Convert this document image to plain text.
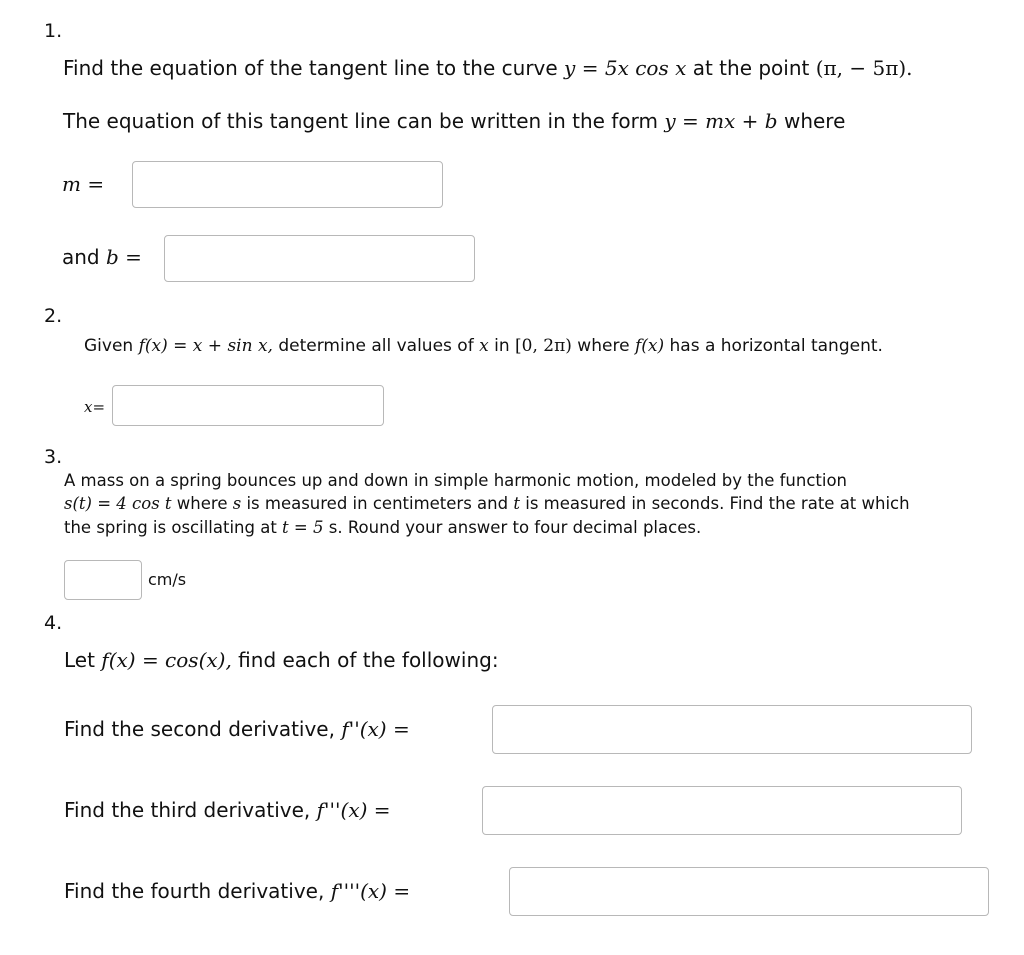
1.
Find the equation of the tangent line to the curve y = 5x cos x at the point (π, − 5π).
The equation of this tangent line can be written in the form y = mx + b where
m =
and b =
2.
Given f(x) = x + sin x, determine all values of x in [0, 2π) where f(x) has a horizontal tangent.
x=
3.
A mass on a spring bounces up and down in simple harmonic motion, modeled by the function
s(t) = 4 cos t where s is measured in centimeters and t is measured in seconds. Find the rate at which
the spring is oscillating at t = 5 s. Round your answer to four decimal places.
cm/s
4.
Let f(x) = cos(x), find each of the following:
Find the second derivative, f''(x) =
Find the third derivative, f'''(x) =
Find the fourth derivative, f''''(x) =
